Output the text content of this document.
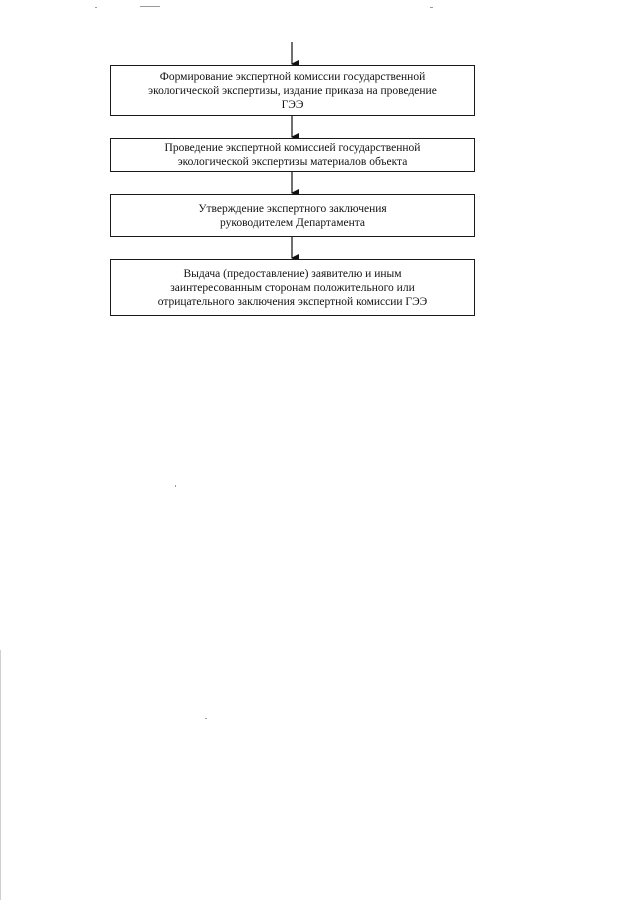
Формирование экспертной комиссии государственной
экологической экспертизы, издание приказа на проведение
ГЭЭ
Проведение экспертной комиссией государственной
экологической экспертизы материалов объекта
Утверждение экспертного заключения
руководителем Департамента
Выдача (предоставление) заявителю и иным
заинтересованным сторонам положительного или
отрицательного заключения экспертной комиссии ГЭЭ
